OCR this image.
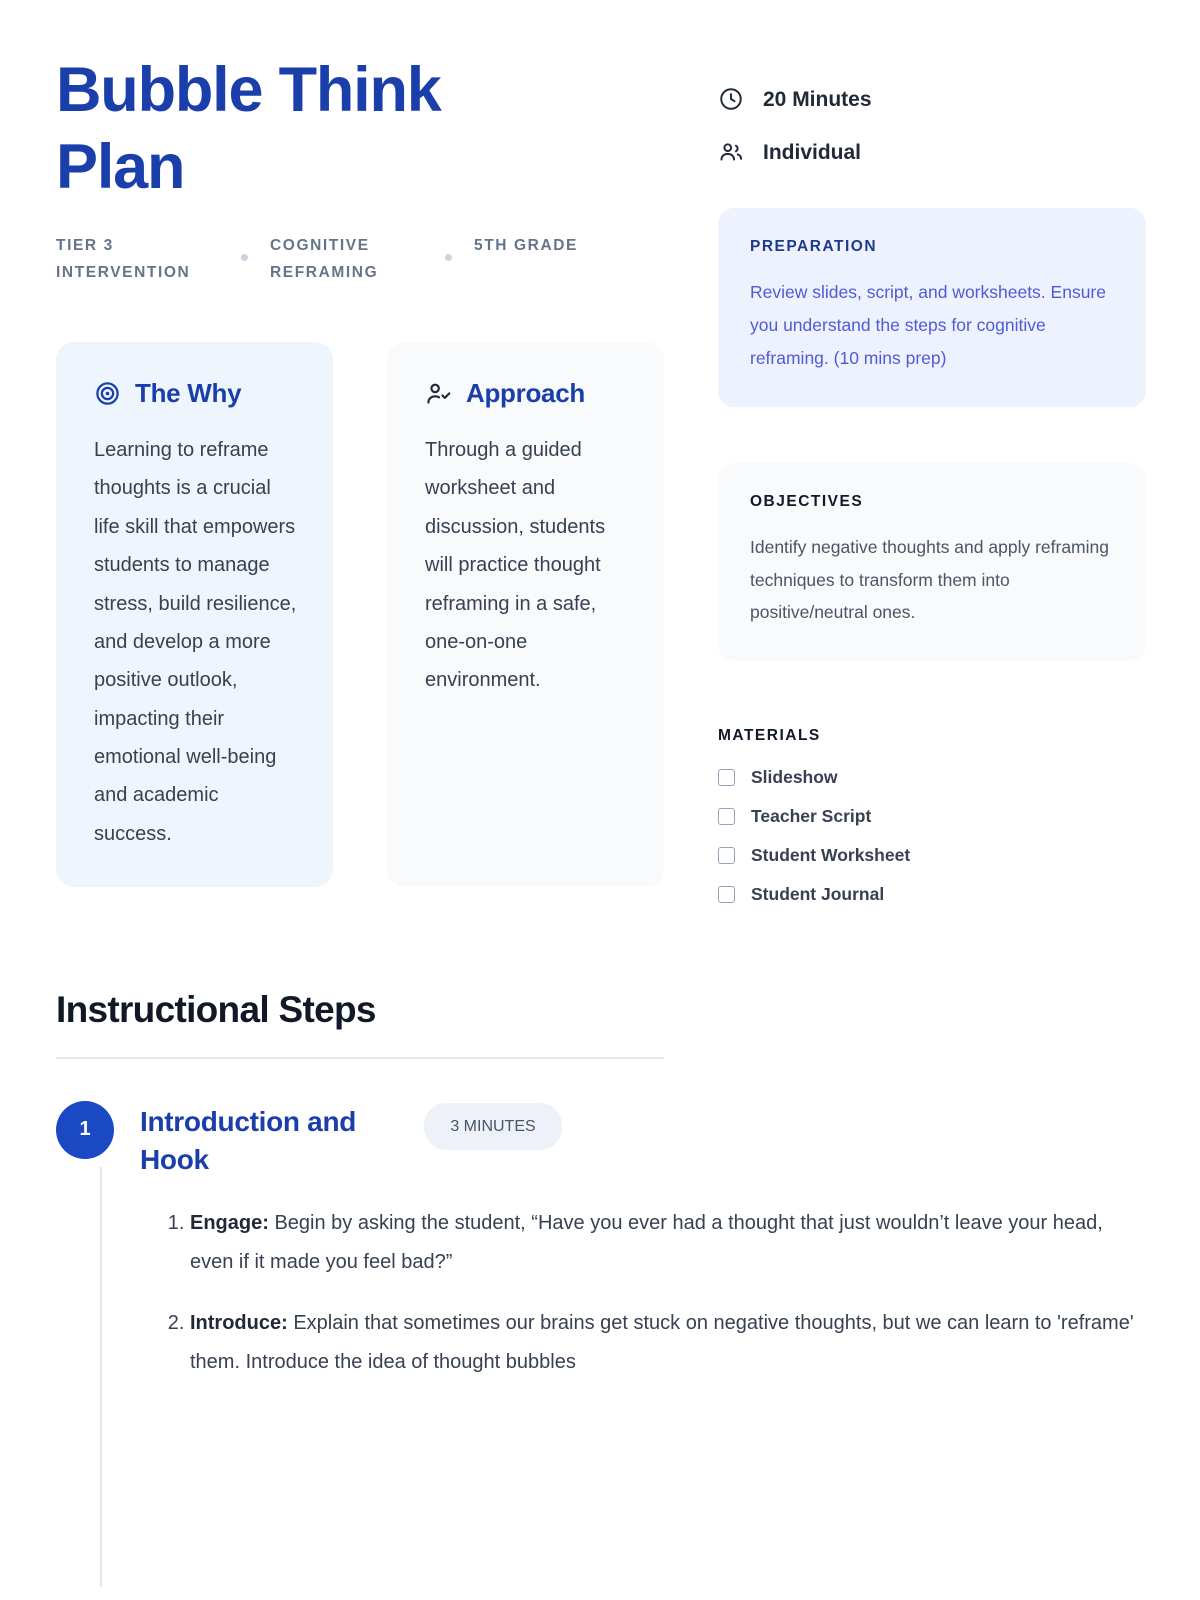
Bubble Think Plan
TIER 3 INTERVENTION
COGNITIVE REFRAMING
5TH GRADE
The Why
Learning to reframe thoughts is a crucial life skill that empowers students to manage stress, build resilience, and develop a more positive outlook, impacting their emotional well-being and academic success.
Approach
Through a guided worksheet and discussion, students will practice thought reframing in a safe, one-on-one environment.
20 Minutes
Individual
PREPARATION
Review slides, script, and worksheets. Ensure you understand the steps for cognitive reframing. (10 mins prep)
OBJECTIVES
Identify negative thoughts and apply reframing techniques to transform them into positive/neutral ones.
MATERIALS
Slideshow
Teacher Script
Student Worksheet
Student Journal
Instructional Steps
1	Introduction and Hook
3 MINUTES
1. Engage: Begin by asking the student, “Have you ever had a thought that just wouldn’t leave your head, even if it made you feel bad?”
2. Introduce: Explain that sometimes our brains get stuck on negative thoughts, but we can learn to 'reframe' them. Introduce the idea of thought bubbles
